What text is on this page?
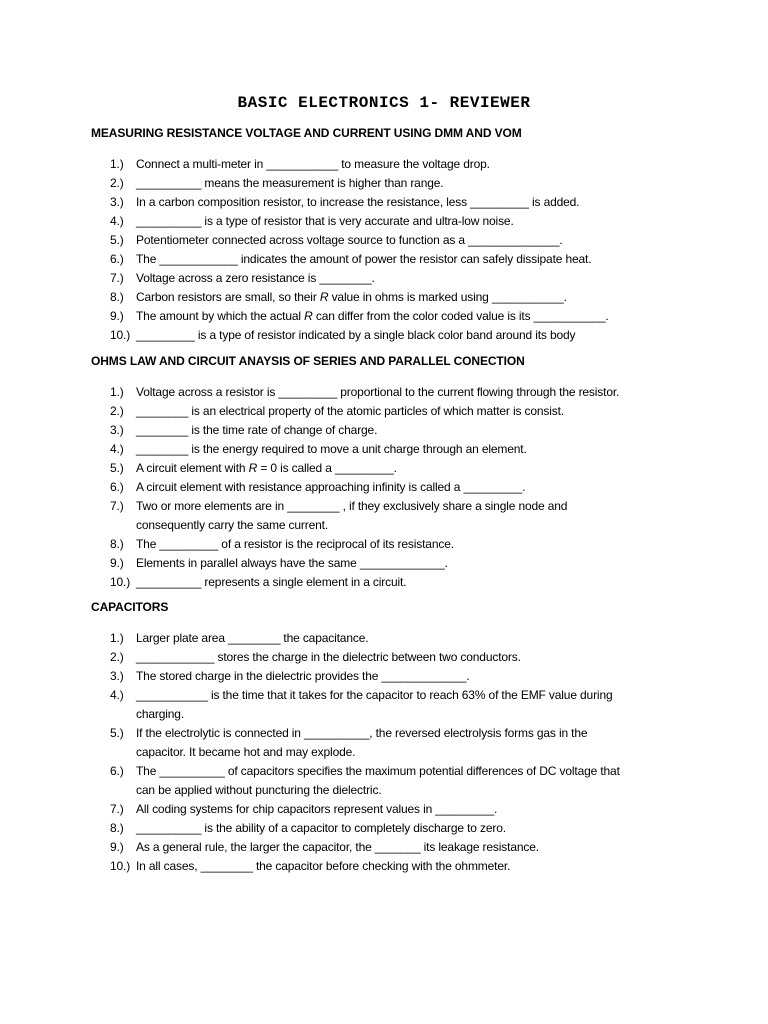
BASIC ELECTRONICS 1- REVIEWER
MEASURING RESISTANCE VOLTAGE AND CURRENT USING DMM AND VOM
OHMS LAW AND CIRCUIT ANAYSIS OF SERIES AND PARALLEL CONECTION
CAPACITORS
1.)	Connect a multi-meter in ___________ to measure the voltage drop.
2.)	__________ means the measurement is higher than range.
3.)	In a carbon composition resistor, to increase the resistance, less _________ is added.
4.)	__________ is a type of resistor that is very accurate and ultra-low noise.
5.)	Potentiometer connected across voltage source to function as a ______________.
6.)	The ____________ indicates the amount of power the resistor can safely dissipate heat.
7.)	Voltage across a zero resistance is ________.
8.)	Carbon resistors are small, so their R value in ohms is marked using ___________.
9.)	The amount by which the actual R can differ from the color coded value is its ___________.
10.) _________ is a type of resistor indicated by a single black color band around its body
1.)	Voltage across a resistor is _________ proportional to the current flowing through the resistor.
2.)	________ is an electrical property of the atomic particles of which matter is consist.
3.)	________ is the time rate of change of charge.
4.)	________ is the energy required to move a unit charge through an element.
5.)	A circuit element with R = 0 is called a _________.
6.)	A circuit element with resistance approaching infinity is called a _________.
7.)	Two or more elements are in ________ , if they exclusively share a single node and
consequently carry the same current.
8.)	The _________ of a resistor is the reciprocal of its resistance.
9.)	Elements in parallel always have the same _____________.
10.) __________ represents a single element in a circuit.
1.)	Larger plate area ________ the capacitance.
2.)	____________ stores the charge in the dielectric between two conductors.
3.)	The stored charge in the dielectric provides the _____________.
4.)	___________ is the time that it takes for the capacitor to reach 63% of the EMF value during
charging.
5.)	If the electrolytic is connected in __________, the reversed electrolysis forms gas in the
capacitor. It became hot and may explode.
6.)	The __________ of capacitors specifies the maximum potential differences of DC voltage that
can be applied without puncturing the dielectric.
7.)	All coding systems for chip capacitors represent values in _________.
8.)	__________ is the ability of a capacitor to completely discharge to zero.
9.)	As a general rule, the larger the capacitor, the _______ its leakage resistance.
10.) In all cases, ________ the capacitor before checking with the ohmmeter.
